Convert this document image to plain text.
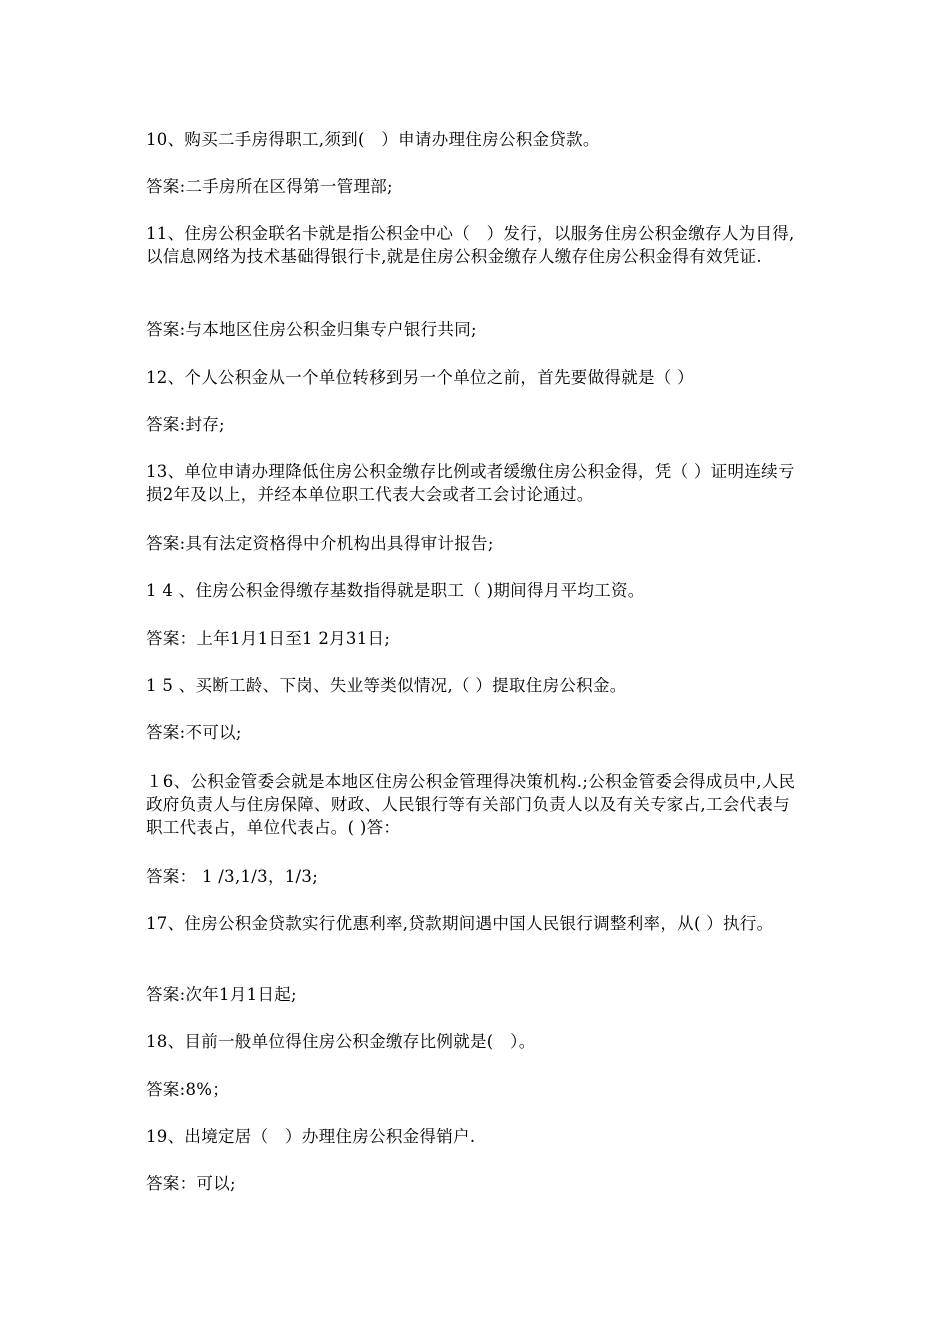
10、购买二手房得职工,须到(   ）申请办理住房公积金贷款。
答案:二手房所在区得第一管理部;
11、住房公积金联名卡就是指公积金中心（   ）发行，以服务住房公积金缴存人为目得,以信息网络为技术基础得银行卡,就是住房公积金缴存人缴存住房公积金得有效凭证.
答案:与本地区住房公积金归集专户银行共同;
12、个人公积金从一个单位转移到另一个单位之前，首先要做得就是（ ）
答案:封存;
13、单位申请办理降低住房公积金缴存比例或者缓缴住房公积金得，凭（ ）证明连续亏损2年及以上，并经本单位职工代表大会或者工会讨论通过。
答案:具有法定资格得中介机构出具得审计报告;
1 4 、住房公积金得缴存基数指得就是职工（ )期间得月平均工资。
答案：上年1月1日至1 2月31日;
1 5 、买断工龄、下岗、失业等类似情况,（ ）提取住房公积金。
答案:不可以;
１6、公积金管委会就是本地区住房公积金管理得决策机构.;公积金管委会得成员中,人民政府负责人与住房保障、财政、人民银行等有关部门负责人以及有关专家占,工会代表与职工代表占，单位代表占。( )答：
答案： 1 /3,1/3，1/3;
17、住房公积金贷款实行优惠利率,贷款期间遇中国人民银行调整利率，从( ）执行。
答案:次年1月1日起;
18、目前一般单位得住房公积金缴存比例就是(   ）。
答案:8%；
19、出境定居（   ）办理住房公积金得销户.
答案：可以;
